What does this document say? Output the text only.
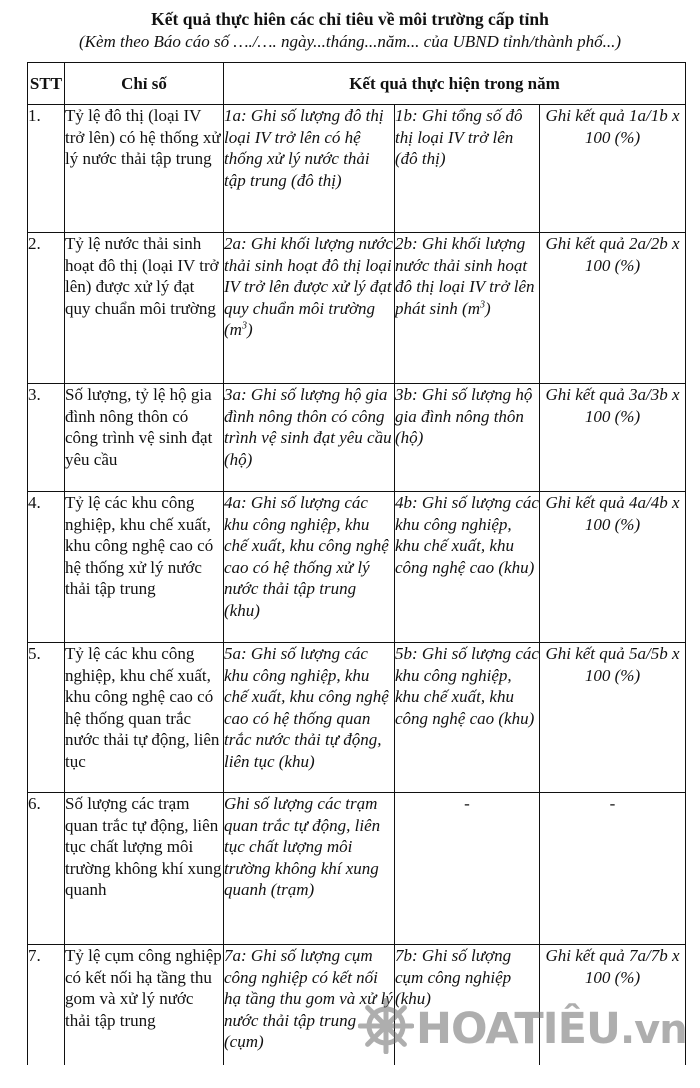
Kết quả thực hiên các chỉ tiêu về môi trường cấp tỉnh
(Kèm theo Báo cáo số …./…. ngày...tháng...năm... của UBND tỉnh/thành phố...)
STT	Chỉ số	Kết quả thực hiện trong năm		
1.	Tỷ lệ đô thị (loại IV trở lên) có hệ thống xử lý nước thải tập trung	1a: Ghi số lượng đô thị loại IV trở lên có hệ thống xử lý nước thải tập trung (đô thị)	1b: Ghi tổng số đô thị loại IV trở lên (đô thị)	Ghi kết quả 1a/1b x 100 (%)
2.	Tỷ lệ nước thải sinh hoạt đô thị (loại IV trở lên) được xử lý đạt quy chuẩn môi trường	2a: Ghi khối lượng nước thải sinh hoạt đô thị loại IV trở lên được xử lý đạt quy chuẩn môi trường $(m^3)$	2b: Ghi khối lượng nước thải sinh hoạt đô thị loại IV trở lên phát $\sinh (m^3)$	Ghi kết quả 2a/2b x 100 (%)
3.	Số lượng, tỷ lệ hộ gia đình nông thôn có công trình vệ sinh đạt yêu cầu	3a: Ghi số lượng hộ gia đình nông thôn có công trình vệ sinh đạt yêu cầu (hộ)	3b: Ghi số lượng hộ gia đình nông thôn (hộ)	Ghi kết quả 3a/3b x 100 (%)
4.	Tỷ lệ các khu công nghiệp, khu chế xuất, khu công nghệ cao có hệ thống xử lý nước thải tập trung	4a: Ghi số lượng các khu công nghiệp, khu chế xuất, khu công nghệ cao có hệ thống xử lý nước thải tập trung (khu)	4b: Ghi số lượng các khu công nghiệp, khu chế xuất, khu công nghệ cao (khu)	Ghi kết quả 4a/4b x 100 (%)
5.	Tỷ lệ các khu công nghiệp, khu chế xuất, khu công nghệ cao có hệ thống quan trắc nước thải tự động, liên tục	5a: Ghi số lượng các khu công nghiệp, khu chế xuất, khu công nghệ cao có hệ thống quan trắc nước thải tự động, liên tục (khu)	5b: Ghi số lượng các khu công nghiệp, khu chế xuất, khu công nghệ cao (khu)	Ghi kết quả 5a/5b x 100 (%)
6.	Số lượng các trạm quan trắc tự động, liên tục chất lượng môi trường không khí xung quanh	Ghi số lượng các trạm quan trắc tự động, liên tục chất lượng môi trường không khí xung quanh (trạm)	-	-
7.	Tỷ lệ cụm công nghiệp có kết nối hạ tầng thu gom và xử lý nước thải tập trung	7a: Ghi số lượng cụm công nghiệp có kết nối hạ tầng thu gom và xử lý nước thải tập trung (cụm)	7b: Ghi số lượng cụm công nghiệp (khu)	Ghi kết quả 7a/7b x 100 (%)
HOATIÊU.vn
